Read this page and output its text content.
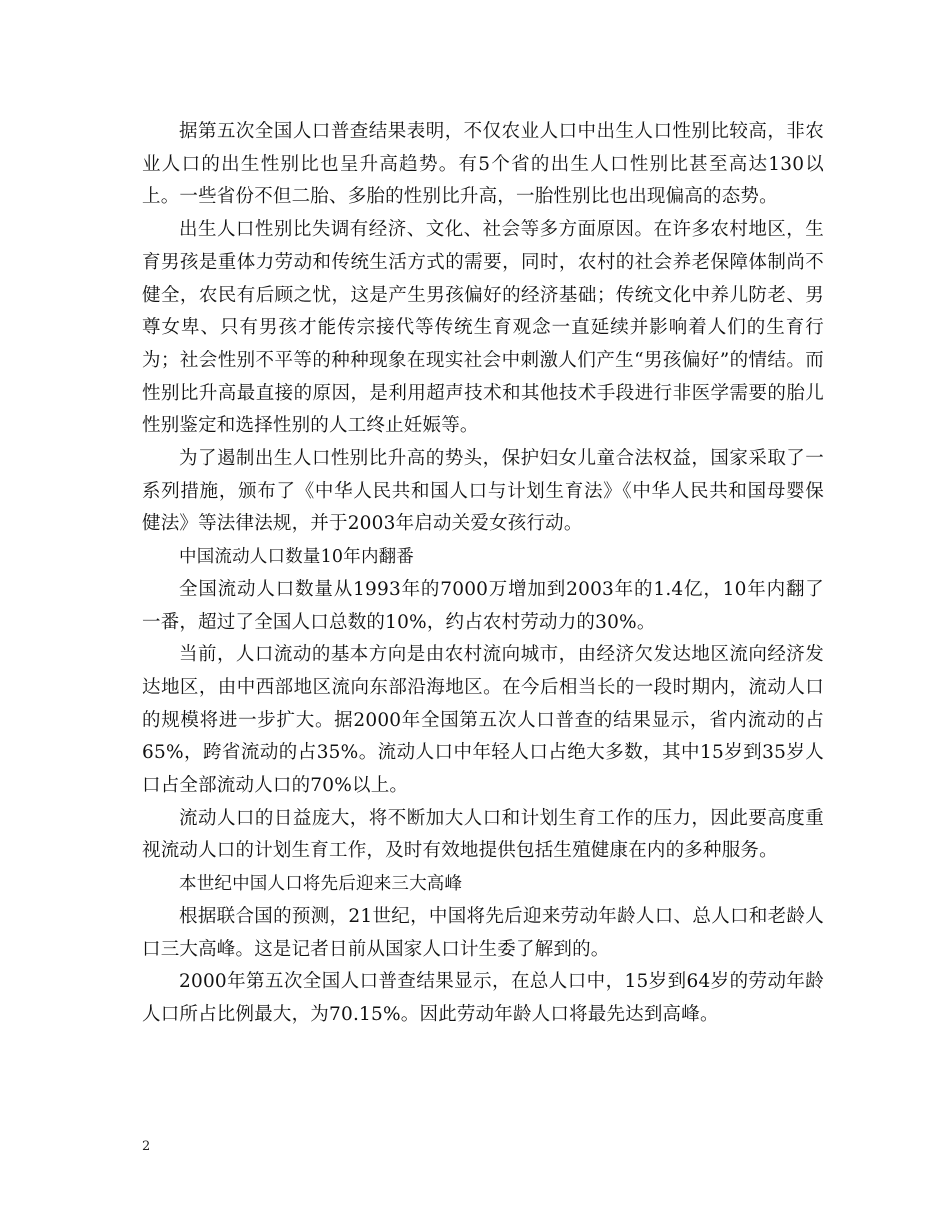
据第五次全国人口普查结果表明，不仅农业人口中出生人口性别比较高，非农业人口的出生性别比也呈升高趋势。有5个省的出生人口性别比甚至高达130以上。一些省份不但二胎、多胎的性别比升高，一胎性别比也出现偏高的态势。

出生人口性别比失调有经济、文化、社会等多方面原因。在许多农村地区，生育男孩是重体力劳动和传统生活方式的需要，同时，农村的社会养老保障体制尚不健全，农民有后顾之忧，这是产生男孩偏好的经济基础；传统文化中养儿防老、男尊女卑、只有男孩才能传宗接代等传统生育观念一直延续并影响着人们的生育行为；社会性别不平等的种种现象在现实社会中刺激人们产生“男孩偏好”的情结。而性别比升高最直接的原因，是利用超声技术和其他技术手段进行非医学需要的胎儿性别鉴定和选择性别的人工终止妊娠等。

为了遏制出生人口性别比升高的势头，保护妇女儿童合法权益，国家采取了一系列措施，颁布了《中华人民共和国人口与计划生育法》《中华人民共和国母婴保健法》等法律法规，并于2003年启动关爱女孩行动。

中国流动人口数量10年内翻番

全国流动人口数量从1993年的7000万增加到2003年的1.4亿，10年内翻了一番，超过了全国人口总数的10%，约占农村劳动力的30%。

当前，人口流动的基本方向是由农村流向城市，由经济欠发达地区流向经济发达地区，由中西部地区流向东部沿海地区。在今后相当长的一段时期内，流动人口的规模将进一步扩大。据2000年全国第五次人口普查的结果显示，省内流动的占65%，跨省流动的占35%。流动人口中年轻人口占绝大多数，其中15岁到35岁人口占全部流动人口的70%以上。

流动人口的日益庞大，将不断加大人口和计划生育工作的压力，因此要高度重视流动人口的计划生育工作，及时有效地提供包括生殖健康在内的多种服务。

本世纪中国人口将先后迎来三大高峰

根据联合国的预测，21世纪，中国将先后迎来劳动年龄人口、总人口和老龄人口三大高峰。这是记者日前从国家人口计生委了解到的。

2000年第五次全国人口普查结果显示，在总人口中，15岁到64岁的劳动年龄人口所占比例最大，为70.15%。因此劳动年龄人口将最先达到高峰。

2
